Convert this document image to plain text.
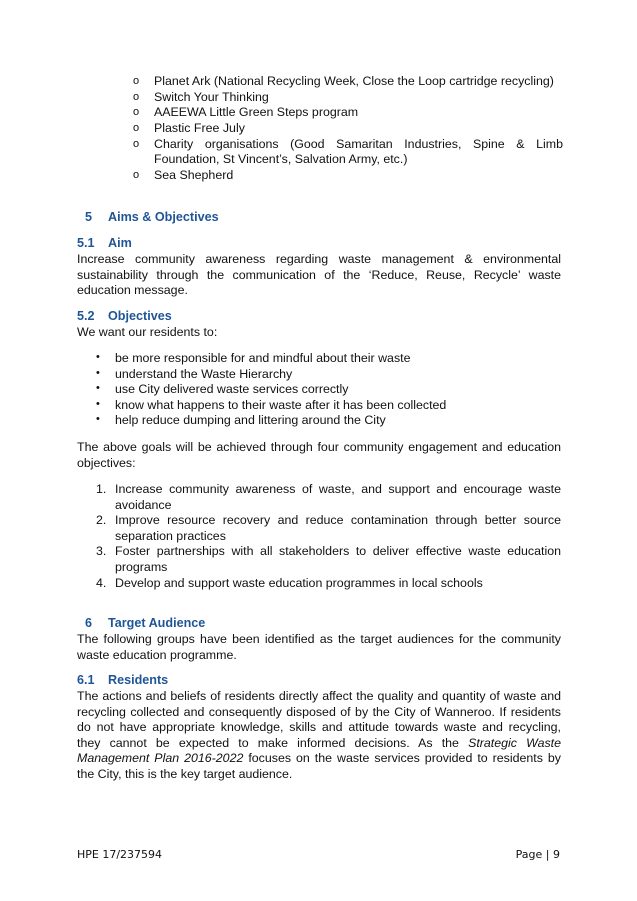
o Planet Ark (National Recycling Week, Close the Loop cartridge recycling)
o Switch Your Thinking
o AAEEWA Little Green Steps program
o Plastic Free July
o Charity organisations (Good Samaritan Industries, Spine & Limb Foundation, St Vincent’s, Salvation Army, etc.)
o Sea Shepherd
5 Aims & Objectives
5.1 Aim
Increase community awareness regarding waste management & environmental sustainability through the communication of the ‘Reduce, Reuse, Recycle’ waste education message.
5.2 Objectives
We want our residents to:
• be more responsible for and mindful about their waste
• understand the Waste Hierarchy
• use City delivered waste services correctly
• know what happens to their waste after it has been collected
• help reduce dumping and littering around the City
The above goals will be achieved through four community engagement and education objectives:
1. Increase community awareness of waste, and support and encourage waste avoidance
2. Improve resource recovery and reduce contamination through better source separation practices
3. Foster partnerships with all stakeholders to deliver effective waste education programs
4. Develop and support waste education programmes in local schools
6 Target Audience
The following groups have been identified as the target audiences for the community waste education programme.
6.1 Residents
The actions and beliefs of residents directly affect the quality and quantity of waste and recycling collected and consequently disposed of by the City of Wanneroo. If residents do not have appropriate knowledge, skills and attitude towards waste and recycling, they cannot be expected to make informed decisions. As the Strategic Waste Management Plan 2016-2022 focuses on the waste services provided to residents by the City, this is the key target audience.
HPE 17/237594	Page | 9
